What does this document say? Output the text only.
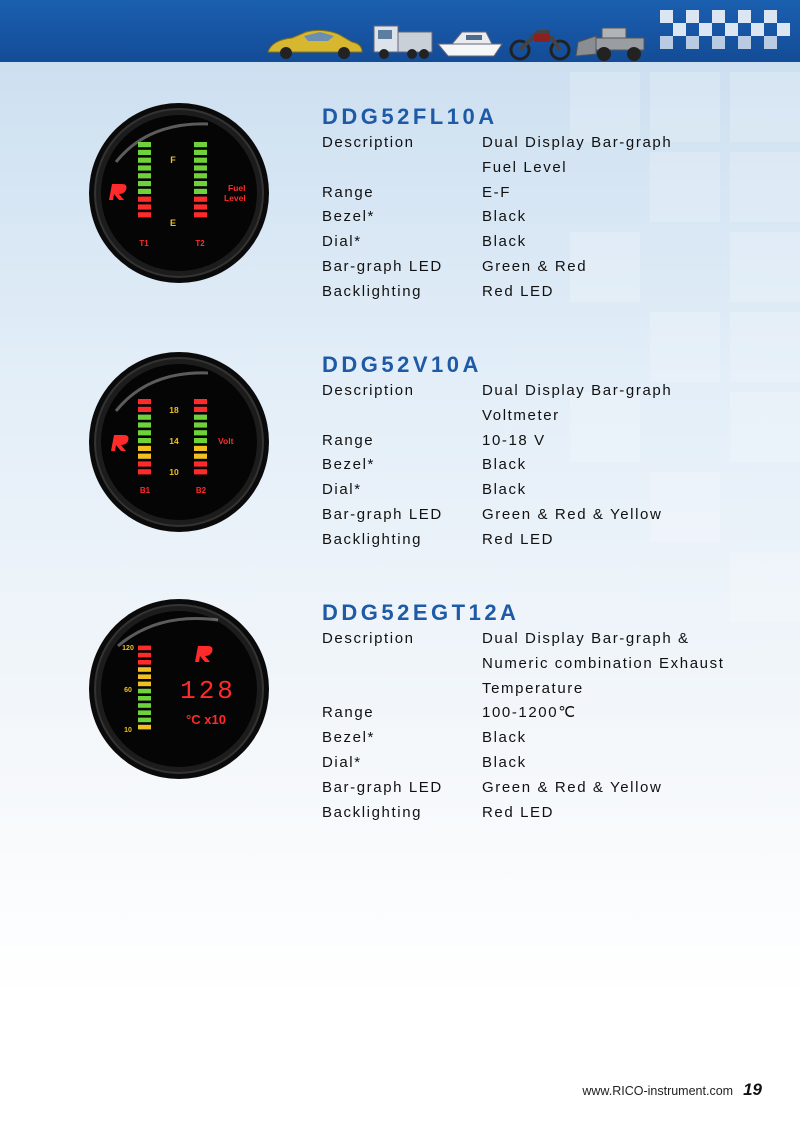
F
E
Fuel
Level
T1	T2
DDG52FL10A
Description	Dual Display Bar-graph
Fuel Level
Range	E-F
Bezel*	Black
Dial*	Black
Bar-graph LED	Green & Red
Backlighting	Red LED
18
14
10
Volt
B1	B2
DDG52V10A
Description	Dual Display Bar-graph
Voltmeter
Range	10-18 V
Bezel*	Black
Dial*	Black
Bar-graph LED	Green & Red & Yellow
Backlighting	Red LED
120
60
10
128
°C x10
DDG52EGT12A
Description	Dual Display Bar-graph &
Numeric combination Exhaust
Temperature
Range	100-1200℃
Bezel*	Black
Dial*	Black
Bar-graph LED	Green & Red & Yellow
Backlighting	Red LED
www.RICO-instrument.com 19
